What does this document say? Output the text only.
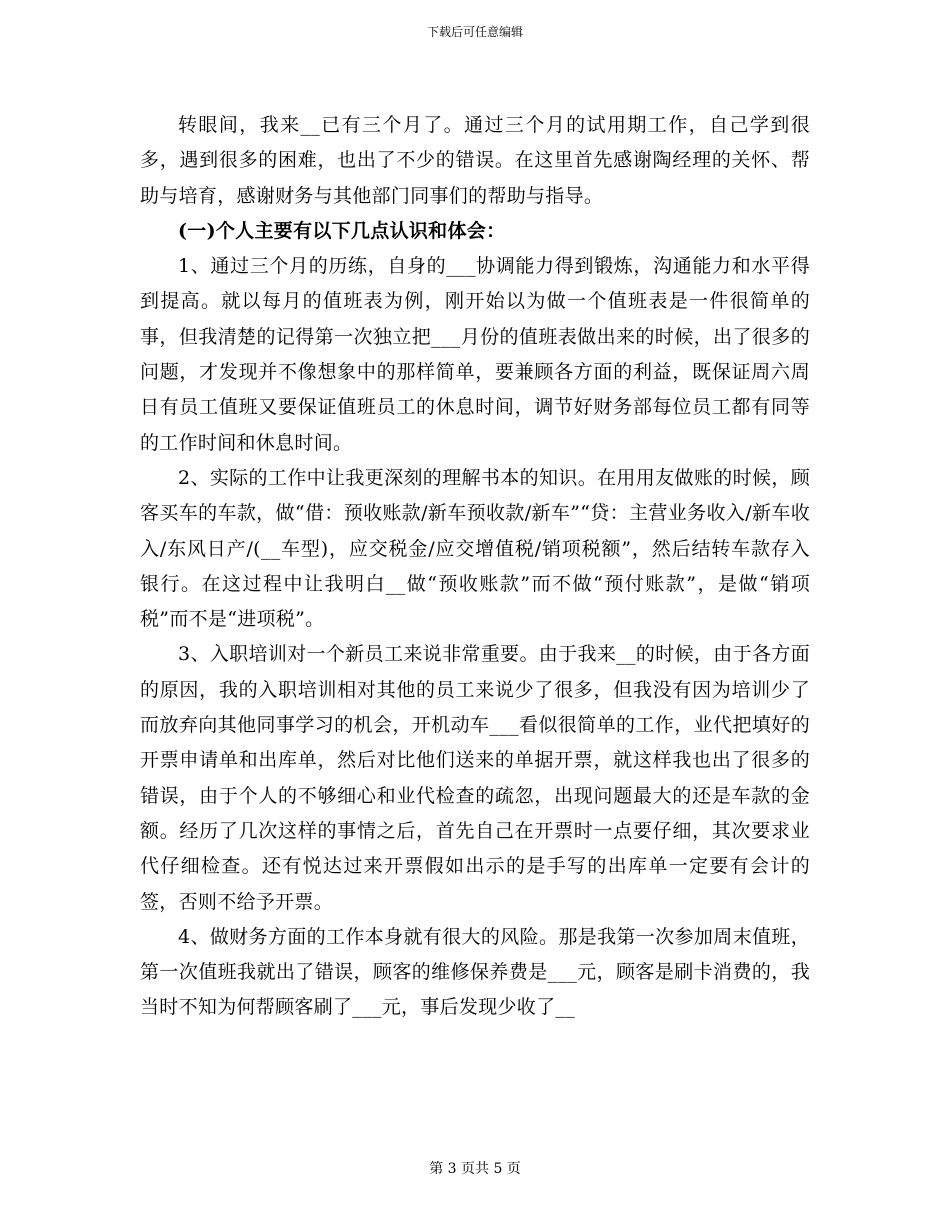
下载后可任意编辑

转眼间，我来__已有三个月了。通过三个月的试用期工作，自己学到很多，遇到很多的困难，也出了不少的错误。在这里首先感谢陶经理的关怀、帮助与培育，感谢财务与其他部门同事们的帮助与指导。

(一)个人主要有以下几点认识和体会：

1、通过三个月的历练，自身的___协调能力得到锻炼，沟通能力和水平得到提高。就以每月的值班表为例，刚开始以为做一个值班表是一件很简单的事，但我清楚的记得第一次独立把___月份的值班表做出来的时候，出了很多的问题，才发现并不像想象中的那样简单，要兼顾各方面的利益，既保证周六周日有员工值班又要保证值班员工的休息时间，调节好财务部每位员工都有同等的工作时间和休息时间。

2、实际的工作中让我更深刻的理解书本的知识。在用用友做账的时候，顾客买车的车款，做“借：预收账款/新车预收款/新车”“贷：主营业务收入/新车收入/东风日产/(__车型)，应交税金/应交增值税/销项税额”，然后结转车款存入银行。在这过程中让我明白__做“预收账款”而不做“预付账款”，是做“销项税”而不是“进项税”。

3、入职培训对一个新员工来说非常重要。由于我来__的时候，由于各方面的原因，我的入职培训相对其他的员工来说少了很多，但我没有因为培训少了而放弃向其他同事学习的机会，开机动车___看似很简单的工作，业代把填好的开票申请单和出库单，然后对比他们送来的单据开票，就这样我也出了很多的错误，由于个人的不够细心和业代检查的疏忽，出现问题最大的还是车款的金额。经历了几次这样的事情之后，首先自己在开票时一点要仔细，其次要求业代仔细检查。还有悦达过来开票假如出示的是手写的出库单一定要有会计的签，否则不给予开票。

4、做财务方面的工作本身就有很大的风险。那是我第一次参加周末值班，第一次值班我就出了错误，顾客的维修保养费是___元，顾客是刷卡消费的，我当时不知为何帮顾客刷了___元，事后发现少收了__

第 3 页共 5 页
